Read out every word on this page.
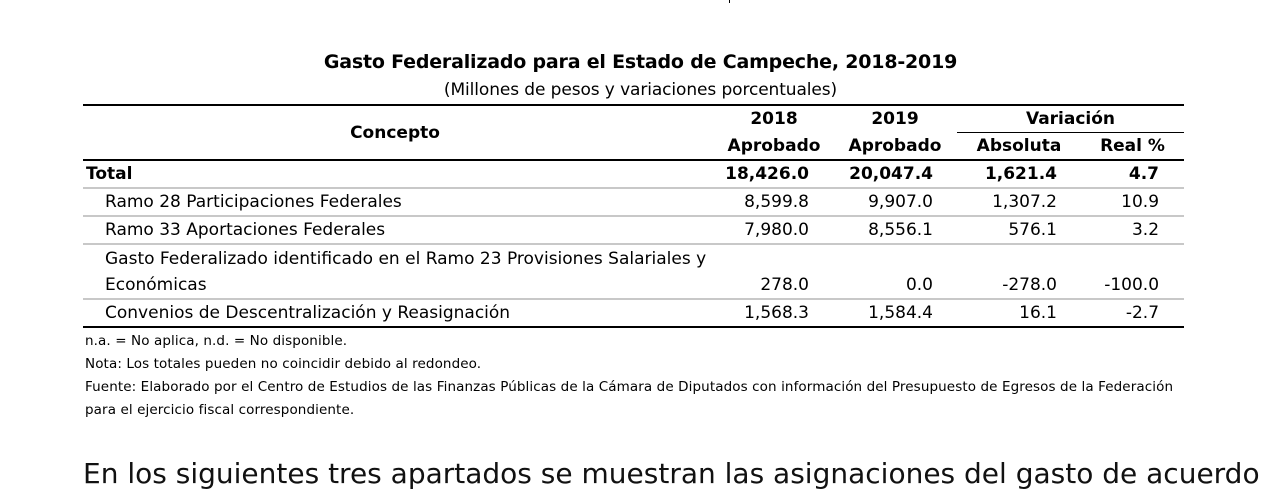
Gasto Federalizado para el Estado de Campeche, 2018-2019
(Millones de pesos y variaciones porcentuales)
Concepto	2018	2019	Variación	
	Aprobado	Aprobado	Absoluta	Real %
Total	18,426.0	20,047.4	1,621.4	4.7
Ramo 28 Participaciones Federales	8,599.8	9,907.0	1,307.2	10.9
Ramo 33 Aportaciones Federales	7,980.0	8,556.1	576.1	3.2
Gasto Federalizado identificado en el Ramo 23 Provisiones Salariales y Económicas	278.0	0.0	-278.0	-100.0
Convenios de Descentralización y Reasignación	1,568.3	1,584.4	16.1	-2.7
n.a. = No aplica, n.d. = No disponible.
Nota: Los totales pueden no coincidir debido al redondeo.
Fuente: Elaborado por el Centro de Estudios de las Finanzas Públicas de la Cámara de Diputados con información del Presupuesto de Egresos de la Federación para el ejercicio fiscal correspondiente.
En los siguientes tres apartados se muestran las asignaciones del gasto de acuerdo
